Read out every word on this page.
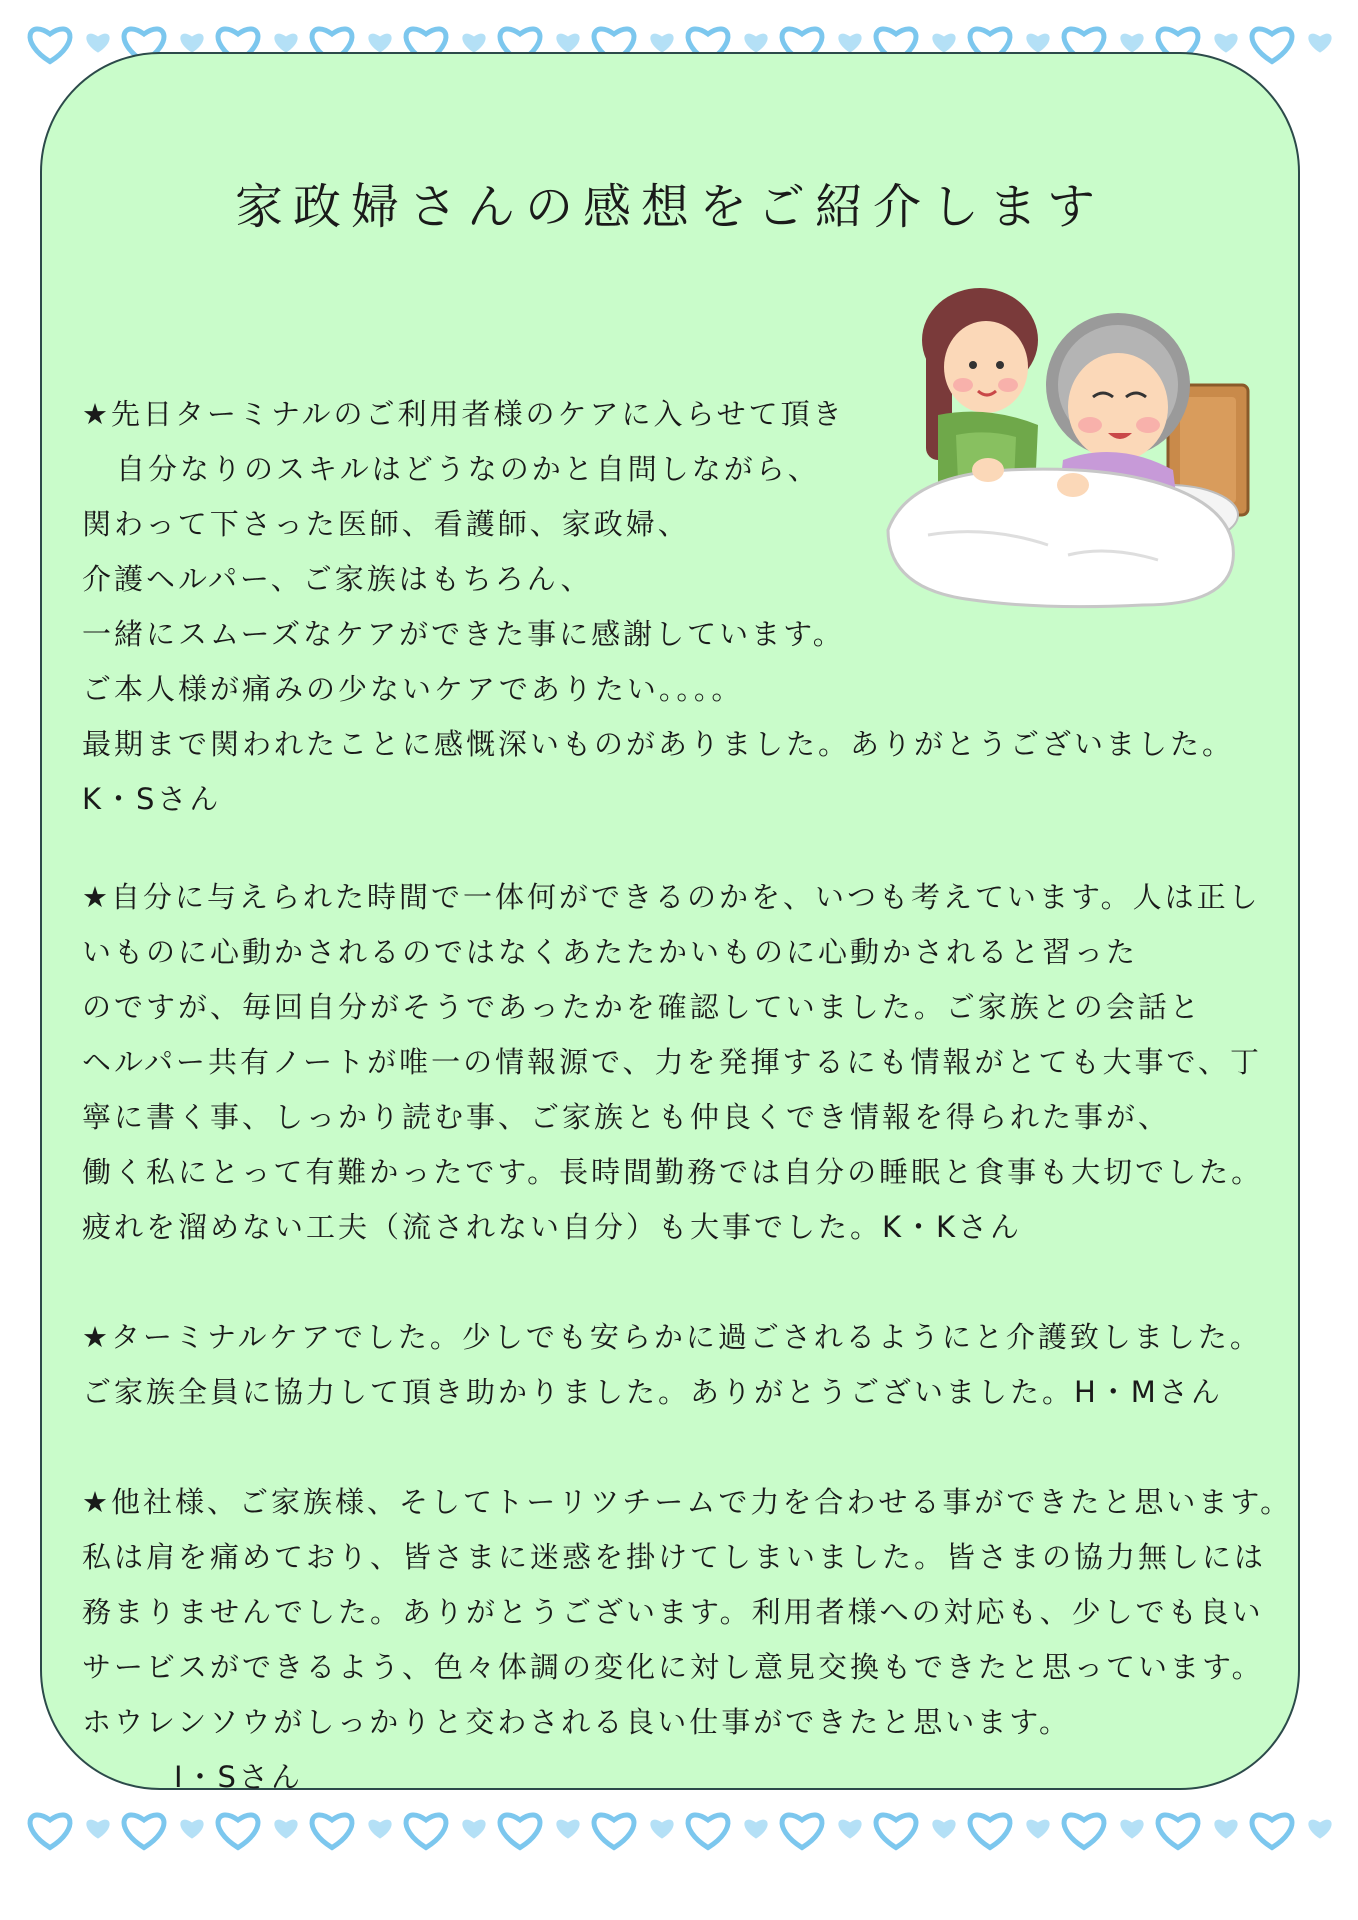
家政婦さんの感想をご紹介します
★先日ターミナルのご利用者様のケアに入らせて頂き
自分なりのスキルはどうなのかと自問しながら、
関わって下さった医師、看護師、家政婦、
介護ヘルパー、ご家族はもちろん、
一緒にスムーズなケアができた事に感謝しています。
ご本人様が痛みの少ないケアでありたい。。。。
最期まで関われたことに感慨深いものがありました。ありがとうございました。
K・Sさん
★自分に与えられた時間で一体何ができるのかを、いつも考えています。人は正し
いものに心動かされるのではなくあたたかいものに心動かされると習った
のですが、毎回自分がそうであったかを確認していました。ご家族との会話と
ヘルパー共有ノートが唯一の情報源で、力を発揮するにも情報がとても大事で、丁
寧に書く事、しっかり読む事、ご家族とも仲良くでき情報を得られた事が、
働く私にとって有難かったです。長時間勤務では自分の睡眠と食事も大切でした。
疲れを溜めない工夫（流されない自分）も大事でした。K・Kさん
★ターミナルケアでした。少しでも安らかに過ごされるようにと介護致しました。
ご家族全員に協力して頂き助かりました。ありがとうございました。H・Mさん
★他社様、ご家族様、そしてトーリツチームで力を合わせる事ができたと思います。
私は肩を痛めており、皆さまに迷惑を掛けてしまいました。皆さまの協力無しには
務まりませんでした。ありがとうございます。利用者様への対応も、少しでも良い
サービスができるよう、色々体調の変化に対し意見交換もできたと思っています。
ホウレンソウがしっかりと交わされる良い仕事ができたと思います。
I・Sさん
